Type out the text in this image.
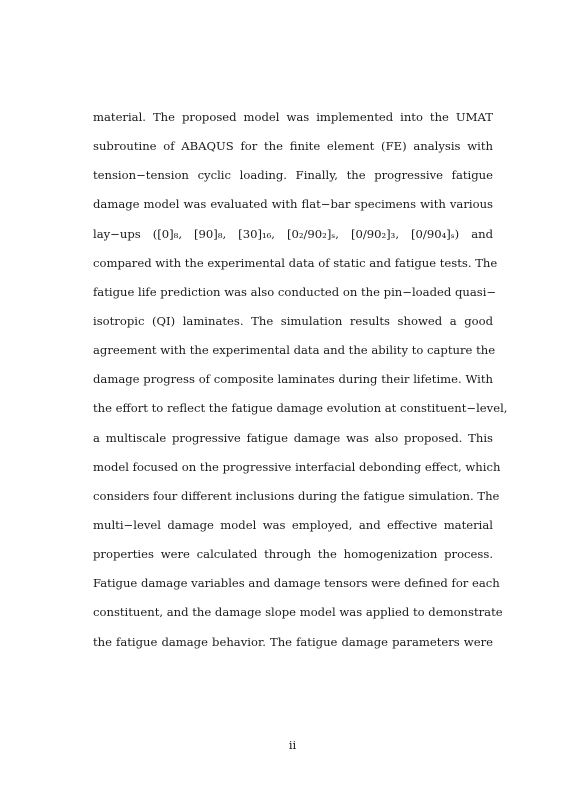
material. The proposed model was implemented into the UMAT
subroutine of ABAQUS for the finite element (FE) analysis with
tension−tension cyclic loading. Finally, the progressive fatigue
damage model was evaluated with flat−bar specimens with various
lay−ups ([0]₈, [90]₈, [30]₁₆, [0₂/90₂]ₛ, [0/90₂]₃, [0/90₄]ₛ) and
compared with the experimental data of static and fatigue tests. The
fatigue life prediction was also conducted on the pin−loaded quasi−
isotropic (QI) laminates. The simulation results showed a good
agreement with the experimental data and the ability to capture the
damage progress of composite laminates during their lifetime. With
the effort to reflect the fatigue damage evolution at constituent−level,
a multiscale progressive fatigue damage was also proposed. This
model focused on the progressive interfacial debonding effect, which
considers four different inclusions during the fatigue simulation. The
multi−level damage model was employed, and effective material
properties were calculated through the homogenization process.
Fatigue damage variables and damage tensors were defined for each
constituent, and the damage slope model was applied to demonstrate
the fatigue damage behavior. The fatigue damage parameters were
ii
